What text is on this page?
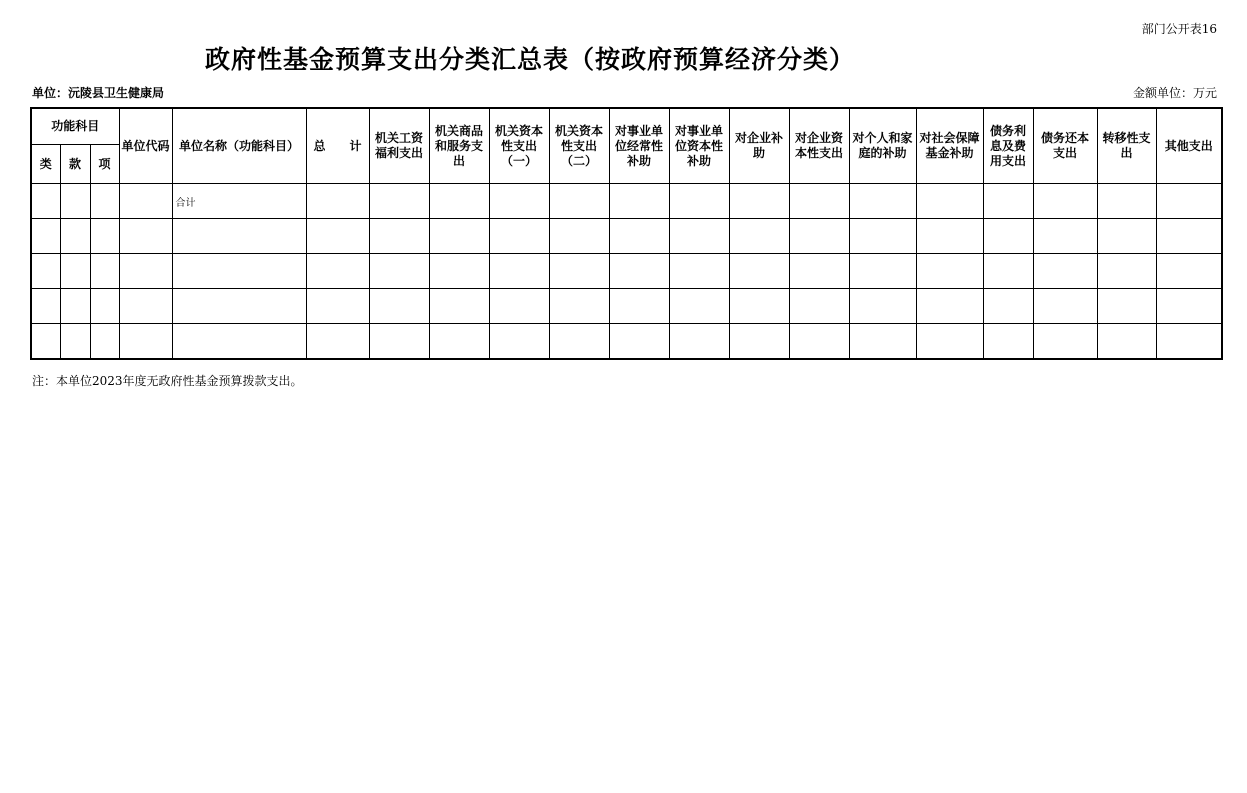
部门公开表16
政府性基金预算支出分类汇总表（按政府预算经济分类）
单位：沅陵县卫生健康局	金额单位：万元
功能科目			单位代码	单位名称（功能科目）	总　　计	机关工资福利支出	机关商品和服务支出	机关资本性支出（一）	机关资本性支出（二）	对事业单位经常性补助	对事业单位资本性补助	对企业补助	对企业资本性支出	对个人和家庭的补助	对社会保障基金补助	债务利息及费用支出	债务还本支出	转移性支出	其他支出
类	款	项																	
				合计															

注：本单位2023年度无政府性基金预算拨款支出。
